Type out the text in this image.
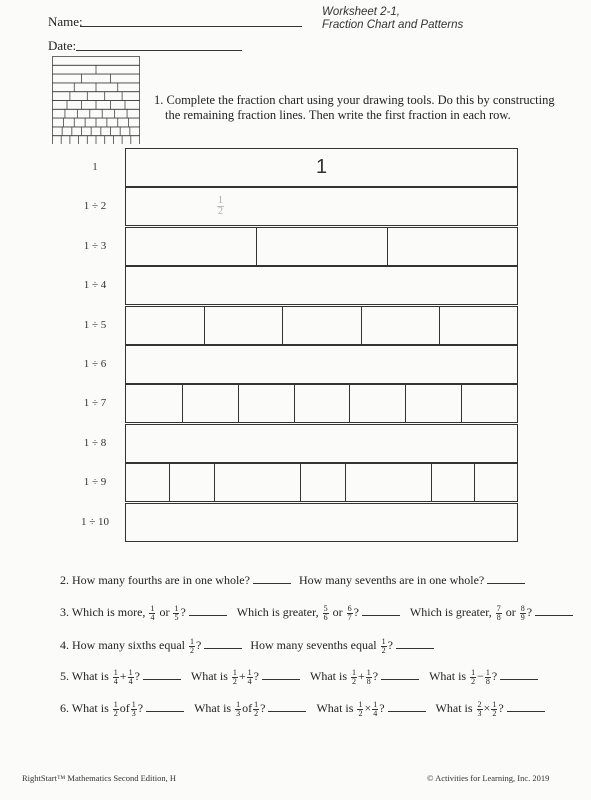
Name:
Date:
Worksheet 2-1,
Fraction Chart and Patterns
1. Complete the fraction chart using your drawing tools. Do this by constructing
the remaining fraction lines. Then write the first fraction in each row.
1	1
1 ÷ 2	1
2
1 ÷ 3
1 ÷ 4
1 ÷ 5
1 ÷ 6
1 ÷ 7
1 ÷ 8
1 ÷ 9
1 ÷ 10
2. How many fourths are in one whole?	How many sevenths are in one whole?
3. Which is more, $\frac{1}{4}$ or $\frac{1}{5}$ ?	Which is greater, $\frac{5}{6}$ or $\frac{6}{7}$ ?	Which is greater, $\frac{7}{8}$ or $\frac{8}{9}$ ?
4. How many sixths equal $\frac{1}{2}$ ?	How many sevenths equal $\frac{1}{2}$ ?
5. What is $\frac{1}{4} + \frac{1}{4}$ ?	What is $\frac{1}{2} + \frac{1}{4}$ ?	What is $\frac{1}{2} + \frac{1}{8}$ ?	What is $\frac{1}{2} - \frac{1}{8}$ ?
6. What is $\frac{1}{2}$ of $\frac{1}{3}$ ?	What is $\frac{1}{3}$ of $\frac{1}{2}$ ?	What is $\frac{1}{2} \times \frac{1}{4}$ ?	What is $\frac{2}{3} \times \frac{1}{2}$ ?
RightStart™ Mathematics Second Edition, H	© Activities for Learning, Inc. 2019
